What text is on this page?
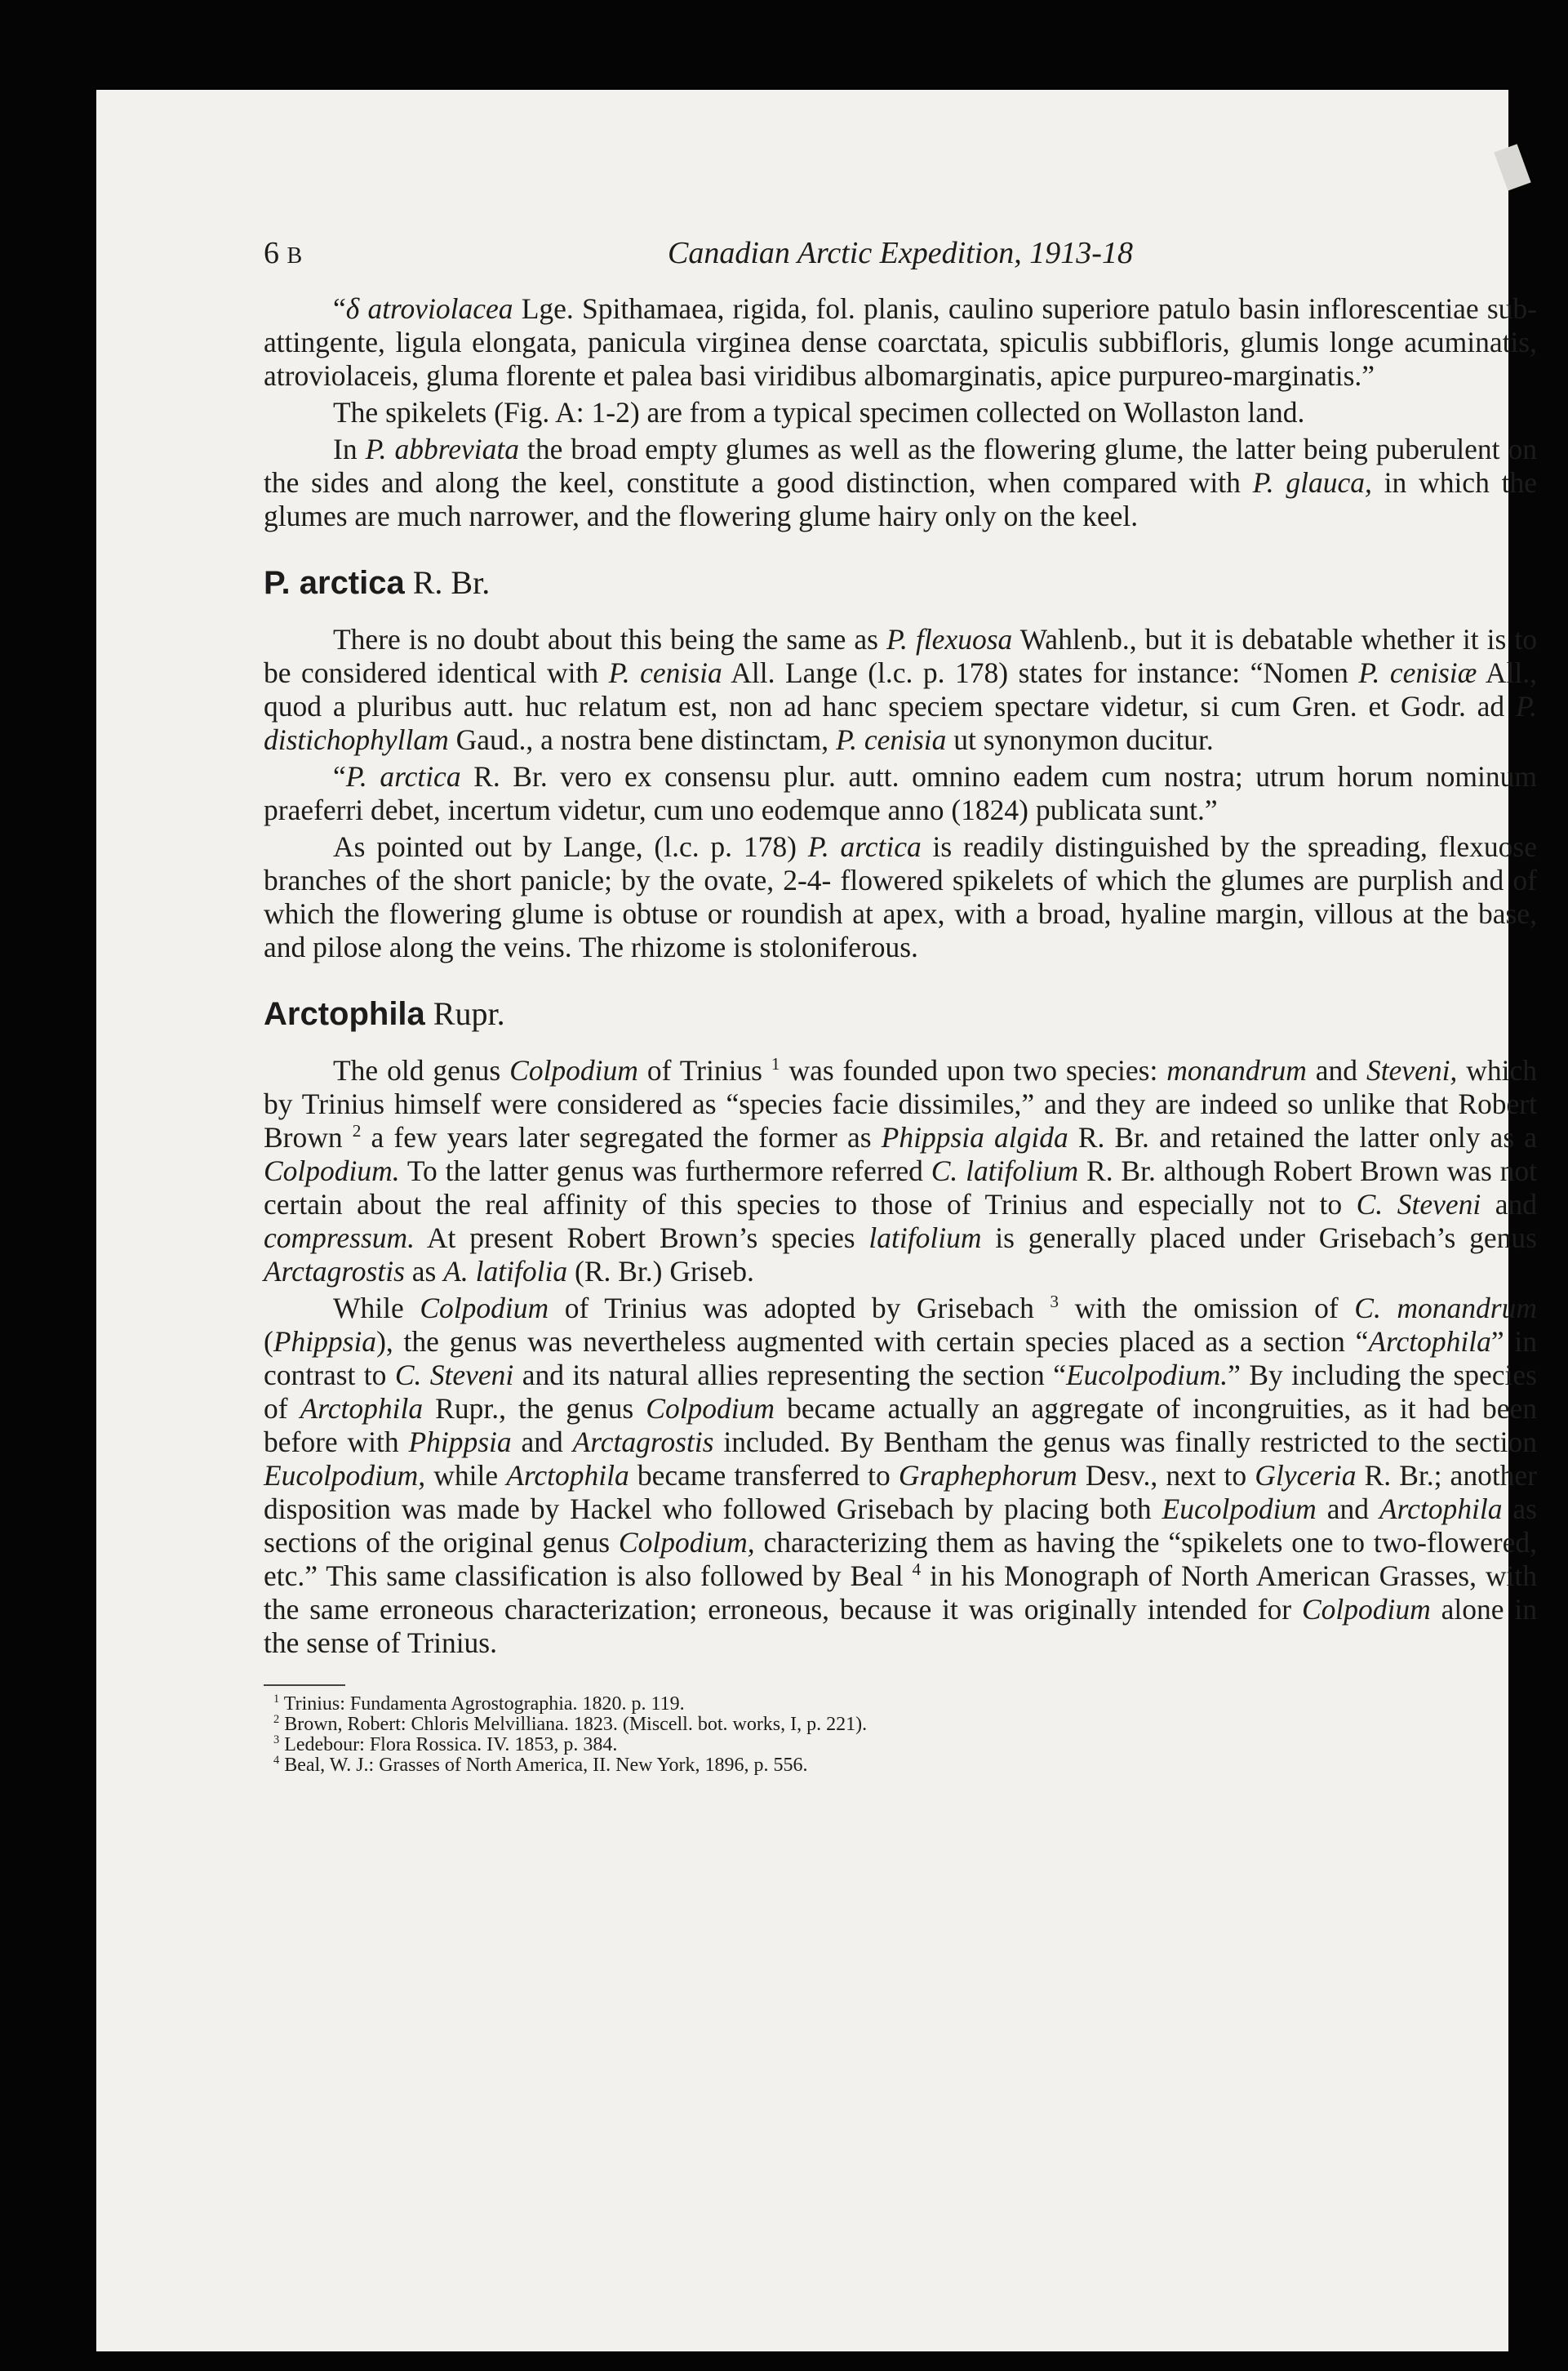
6 B	Canadian Arctic Expedition, 1913-18

“δ atroviolacea Lge. Spithamaea, rigida, fol. planis, caulino superiore patulo basin inflorescentiae sub-attingente, ligula elongata, panicula virginea dense coarctata, spiculis subbifloris, glumis longe acuminatis, atroviolaceis, gluma florente et palea basi viridibus albomarginatis, apice purpureo-marginatis.”

The spikelets (Fig. A: 1-2) are from a typical specimen collected on Wollaston land.

In P. abbreviata the broad empty glumes as well as the flowering glume, the latter being puberulent on the sides and along the keel, constitute a good distinction, when compared with P. glauca, in which the glumes are much narrower, and the flowering glume hairy only on the keel.

P. arctica R. Br.

There is no doubt about this being the same as P. flexuosa Wahlenb., but it is debatable whether it is to be considered identical with P. cenisia All. Lange (l.c. p. 178) states for instance: “Nomen P. cenisiæ All., quod a pluribus autt. huc relatum est, non ad hanc speciem spectare videtur, si cum Gren. et Godr. ad P. distichophyllam Gaud., a nostra bene distinctam, P. cenisia ut synonymon ducitur.

“P. arctica R. Br. vero ex consensu plur. autt. omnino eadem cum nostra; utrum horum nominum praeferri debet, incertum videtur, cum uno eodemque anno (1824) publicata sunt.”

As pointed out by Lange, (l.c. p. 178) P. arctica is readily distinguished by the spreading, flexuose branches of the short panicle; by the ovate, 2-4- flowered spikelets of which the glumes are purplish and of which the flowering glume is obtuse or roundish at apex, with a broad, hyaline margin, villous at the base, and pilose along the veins. The rhizome is stoloniferous.

Arctophila Rupr.

The old genus Colpodium of Trinius $^1$ was founded upon two species: monandrum and Steveni, which by Trinius himself were considered as “species facie dissimiles,” and they are indeed so unlike that Robert Brown $^2$ a few years later segregated the former as Phippsia algida R. Br. and retained the latter only as a Colpodium. To the latter genus was furthermore referred C. latifolium R. Br. although Robert Brown was not certain about the real affinity of this species to those of Trinius and especially not to C. Steveni and compressum. At present Robert Brown’s species latifolium is generally placed under Grisebach’s genus Arctagrostis as A. latifolia (R. Br.) Griseb.

While Colpodium of Trinius was adopted by Grisebach $^3$ with the omission of C. monandrum (Phippsia), the genus was nevertheless augmented with certain species placed as a section “Arctophila” in contrast to C. Steveni and its natural allies representing the section “Eucolpodium.” By including the species of Arctophila Rupr., the genus Colpodium became actually an aggregate of incongruities, as it had been before with Phippsia and Arctagrostis included. By Bentham the genus was finally restricted to the section Eucolpodium, while Arctophila became transferred to Graphephorum Desv., next to Glyceria R. Br.; another disposition was made by Hackel who followed Grisebach by placing both Eucolpodium and Arctophila as sections of the original genus Colpodium, characterizing them as having the “spikelets one to two-flowered, etc.” This same classification is also followed by Beal $^4$ in his Monograph of North American Grasses, with the same erroneous characterization; erroneous, because it was originally intended for Colpodium alone in the sense of Trinius.

$^1$ Trinius: Fundamenta Agrostographia. 1820. p. 119.
$^2$ Brown, Robert: Chloris Melvilliana. 1823. (Miscell. bot. works, I, p. 221).
$^3$ Ledebour: Flora Rossica. IV. 1853, p. 384.
$^4$ Beal, W. J.: Grasses of North America, II. New York, 1896, p. 556.
